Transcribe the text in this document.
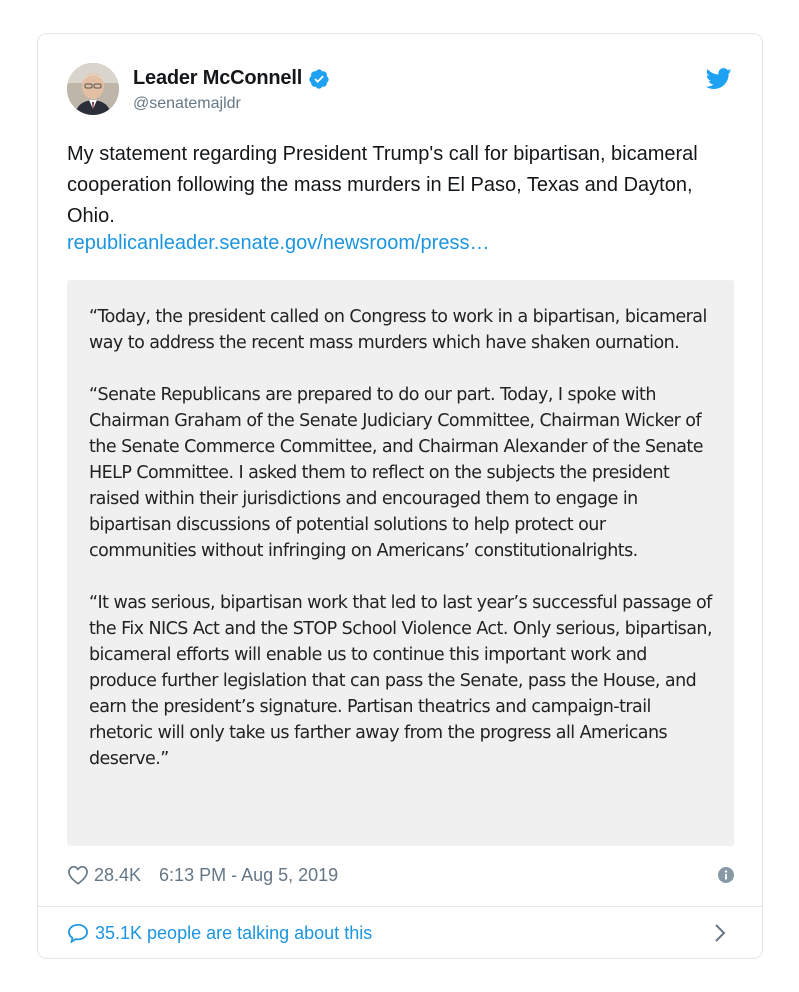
Leader McConnell
@senatemajldr
My statement regarding President Trump's call for bipartisan, bicameral cooperation following the mass murders in El Paso, Texas and Dayton, Ohio.
republicanleader.senate.gov/newsroom/press…

“Today, the president called on Congress to work in a bipartisan, bicameral way to address the recent mass murders which have shaken ournation.

“Senate Republicans are prepared to do our part. Today, I spoke with Chairman Graham of the Senate Judiciary Committee, Chairman Wicker of the Senate Commerce Committee, and Chairman Alexander of the Senate HELP Committee. I asked them to reflect on the subjects the president raised within their jurisdictions and encouraged them to engage in bipartisan discussions of potential solutions to help protect our communities without infringing on Americans’ constitutionalrights.

“It was serious, bipartisan work that led to last year’s successful passage of the Fix NICS Act and the STOP School Violence Act. Only serious, bipartisan, bicameral efforts will enable us to continue this important work and produce further legislation that can pass the Senate, pass the House, and earn the president’s signature. Partisan theatrics and campaign-trail rhetoric will only take us farther away from the progress all Americans deserve.”

28.4K 6:13 PM - Aug 5, 2019
35.1K people are talking about this
